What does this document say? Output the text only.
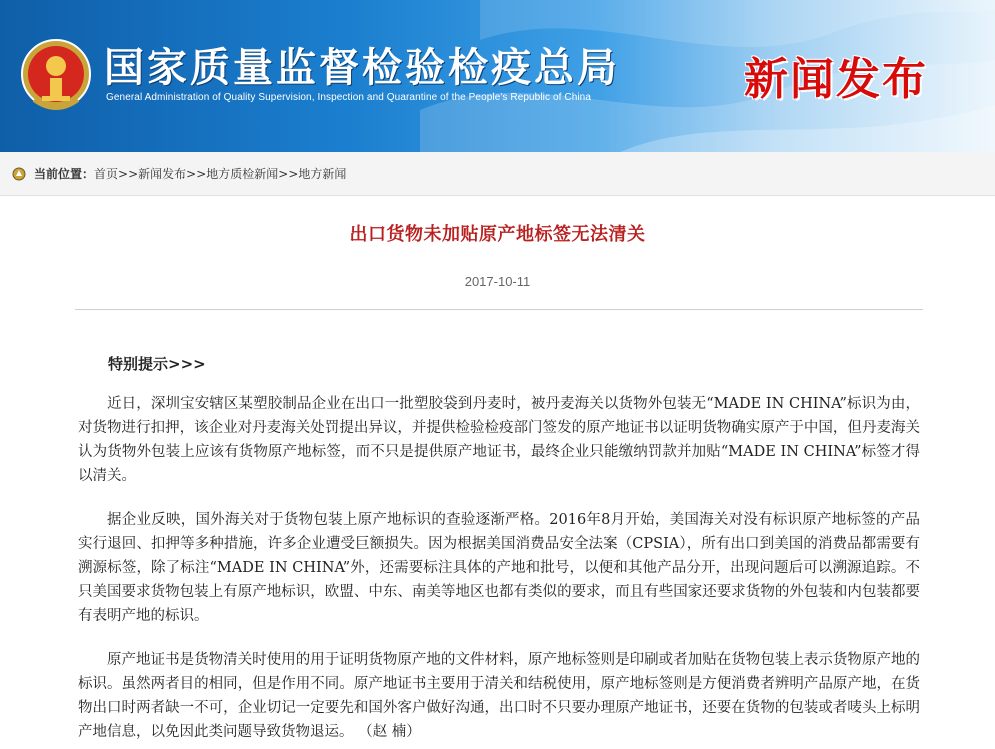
国家质量监督检验检疫总局
General Administration of Quality Supervision, Inspection and Quarantine of the People's Republic of China	新闻发布
当前位置： 首页 >> 新闻发布 >> 地方质检新闻 >> 地方新闻
出口货物未加贴原产地标签无法清关
2017-10-11
特别提示>>>

近日，深圳宝安辖区某塑胶制品企业在出口一批塑胶袋到丹麦时，被丹麦海关以货物外包装无“MADE IN CHINA”标识为由，对货物进行扣押，该企业对丹麦海关处罚提出异议，并提供检验检疫部门签发的原产地证书以证明货物确实原产于中国，但丹麦海关认为货物外包装上应该有货物原产地标签，而不只是提供原产地证书，最终企业只能缴纳罚款并加贴“MADE IN CHINA”标签才得以清关。

据企业反映，国外海关对于货物包装上原产地标识的查验逐渐严格。2016年8月开始，美国海关对没有标识原产地标签的产品实行退回、扣押等多种措施，许多企业遭受巨额损失。因为根据美国消费品安全法案（CPSIA），所有出口到美国的消费品都需要有溯源标签，除了标注“MADE IN CHINA”外，还需要标注具体的产地和批号，以便和其他产品分开，出现问题后可以溯源追踪。不只美国要求货物包装上有原产地标识，欧盟、中东、南美等地区也都有类似的要求，而且有些国家还要求货物的外包装和内包装都要有表明产地的标识。

原产地证书是货物清关时使用的用于证明货物原产地的文件材料，原产地标签则是印刷或者加贴在货物包装上表示货物原产地的标识。虽然两者目的相同，但是作用不同。原产地证书主要用于清关和结税使用，原产地标签则是方便消费者辨明产品原产地，在货物出口时两者缺一不可，企业切记一定要先和国外客户做好沟通，出口时不只要办理原产地证书，还要在货物的包装或者唛头上标明产地信息，以免因此类问题导致货物退运。 （赵 楠）
